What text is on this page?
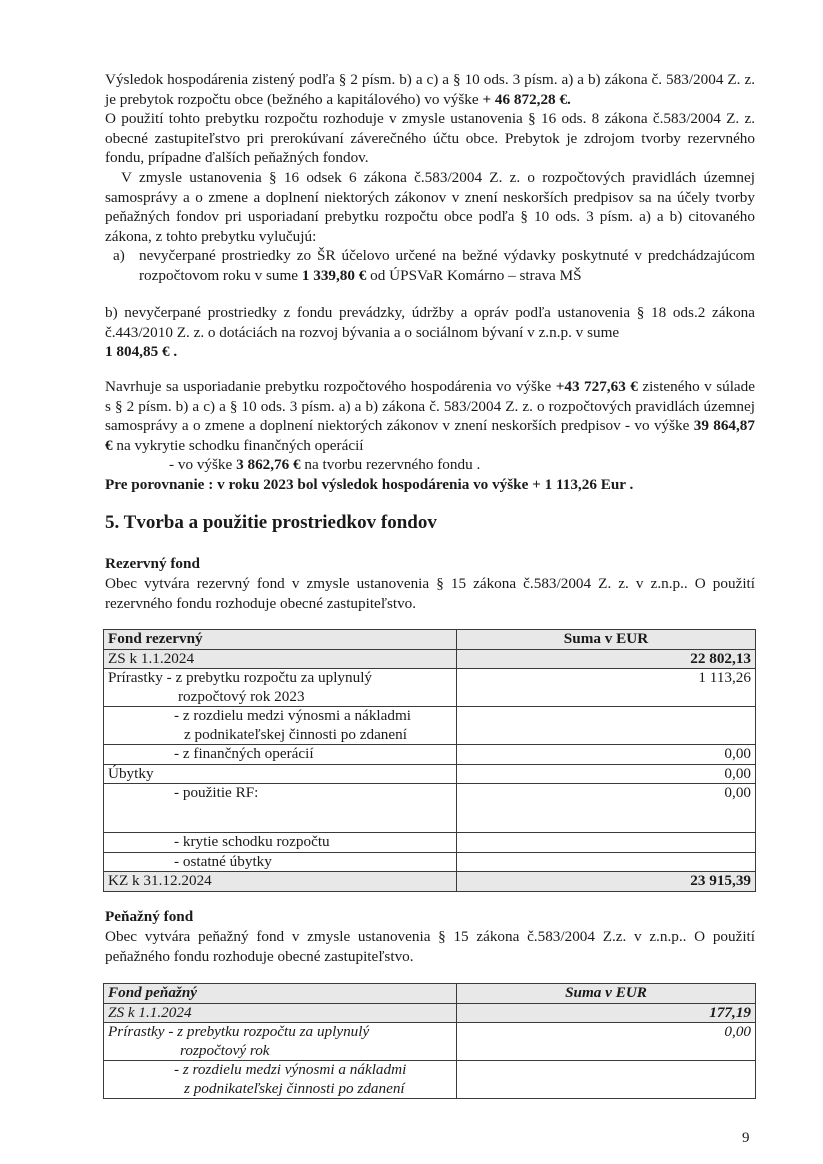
Výsledok hospodárenia zistený podľa § 2 písm. b) a c) a § 10 ods. 3 písm. a) a b) zákona č. 583/2004 Z. z. je prebytok rozpočtu obce (bežného a kapitálového) vo výške + 46 872,28 €.

O použití tohto prebytku rozpočtu rozhoduje v zmysle ustanovenia § 16 ods. 8 zákona č.583/2004 Z. z. obecné zastupiteľstvo pri prerokúvaní záverečného účtu obce. Prebytok je zdrojom tvorby rezervného fondu, prípadne ďalších peňažných fondov.

V zmysle ustanovenia § 16 odsek 6 zákona č.583/2004 Z. z. o rozpočtových pravidlách územnej samosprávy a o zmene a doplnení niektorých zákonov v znení neskorších predpisov sa na účely tvorby peňažných fondov pri usporiadaní prebytku rozpočtu obce podľa § 10 ods. 3 písm. a) a b) citovaného zákona, z tohto prebytku vylučujú:

a) nevyčerpané prostriedky zo ŠR účelovo určené na bežné výdavky poskytnuté v predchádzajúcom rozpočtovom roku v sume 1 339,80 € od ÚPSVaR Komárno – strava MŠ

b) nevyčerpané prostriedky z fondu prevádzky, údržby a opráv podľa ustanovenia § 18 ods.2 zákona č.443/2010 Z. z. o dotáciách na rozvoj bývania a o sociálnom bývaní v z.n.p. v sume
1 804,85 € .

Navrhuje sa usporiadanie prebytku rozpočtového hospodárenia vo výške +43 727,63 € zisteného v súlade s § 2 písm. b) a c) a § 10 ods. 3 písm. a) a b) zákona č. 583/2004 Z. z. o rozpočtových pravidlách územnej samosprávy a o zmene a doplnení niektorých zákonov v znení neskorších predpisov - vo výške 39 864,87 € na vykrytie schodku finančných operácií

- vo výške 3 862,76 € na tvorbu rezervného fondu .

Pre porovnanie : v roku 2023 bol výsledok hospodárenia vo výške + 1 113,26 Eur .

5. Tvorba a použitie prostriedkov fondov
Rezervný fond
Obec vytvára rezervný fond v zmysle ustanovenia § 15 zákona č.583/2004 Z. z. v z.n.p.. O použití rezervného fondu rozhoduje obecné zastupiteľstvo.
Fond rezervný	Suma v EUR
ZS k 1.1.2024	22 802,13
Prírastky - z prebytku rozpočtu za uplynulý
rozpočtový rok 2023	1 113,26
- z rozdielu medzi výnosmi a nákladmi
z podnikateľskej činnosti po zdanení	
- z finančných operácií	0,00
Úbytky	0,00
- použitie RF:	0,00
- krytie schodku rozpočtu	
- ostatné úbytky	
KZ k 31.12.2024	23 915,39
Peňažný fond
Obec vytvára peňažný fond v zmysle ustanovenia § 15 zákona č.583/2004 Z.z. v z.n.p.. O použití peňažného fondu rozhoduje obecné zastupiteľstvo.
Fond peňažný	Suma v EUR
ZS k 1.1.2024	177,19
Prírastky - z prebytku rozpočtu za uplynulý
rozpočtový rok	0,00
- z rozdielu medzi výnosmi a nákladmi
z podnikateľskej činnosti po zdanení	
9
